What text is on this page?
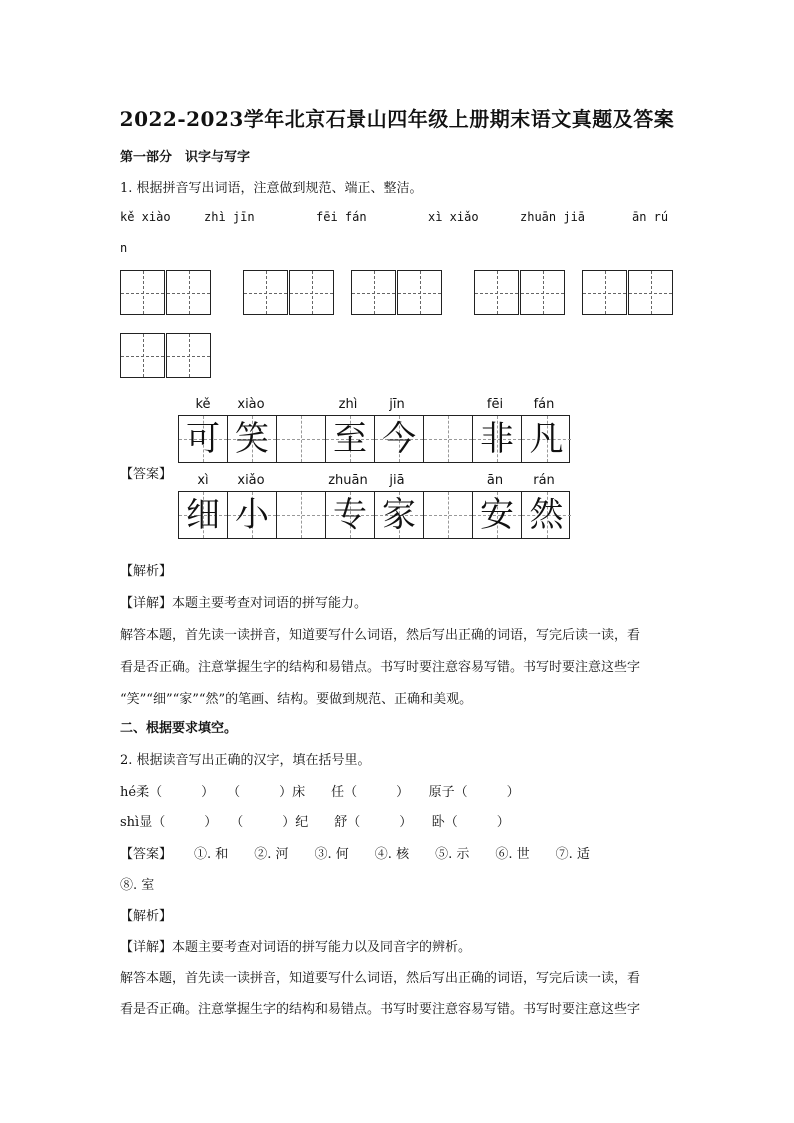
2022-2023学年北京石景山四年级上册期末语文真题及答案
第一部分　识字与写字
1. 根据拼音写出词语，注意做到规范、端正、整洁。
kě xiào	zhì jīn	fēi fán	xì xiǎo	zhuān jiā	ān rú
n
【答案】
kě	xiào	zhì	jīn	fēi	fán
可 笑 至 今 非 凡
xì	xiǎo	zhuān	jiā	ān	rán
细 小 专 家 安 然
【解析】
【详解】本题主要考查对词语的拼写能力。
解答本题，首先读一读拼音，知道要写什么词语，然后写出正确的词语，写完后读一读，看
看是否正确。注意掌握生字的结构和易错点。书写时要注意容易写错。书写时要注意这些字
“笑”“细”“家”“然”的笔画、结构。要做到规范、正确和美观。
二、根据要求填空。
2. 根据读音写出正确的汉字，填在括号里。
hé柔（　　　）　　（　　　）床　　任（　　　）　　原子（　　　）
shì显（　　　）　　（　　　）纪　　舒（　　　）　　卧（　　　）
【答案】 ①. 和　　②. 河　　③. 何　　④. 核　　⑤. 示　　⑥. 世　　⑦. 适
⑧. 室
【解析】
【详解】本题主要考查对词语的拼写能力以及同音字的辨析。
解答本题，首先读一读拼音，知道要写什么词语，然后写出正确的词语，写完后读一读，看
看是否正确。注意掌握生字的结构和易错点。书写时要注意容易写错。书写时要注意这些字
